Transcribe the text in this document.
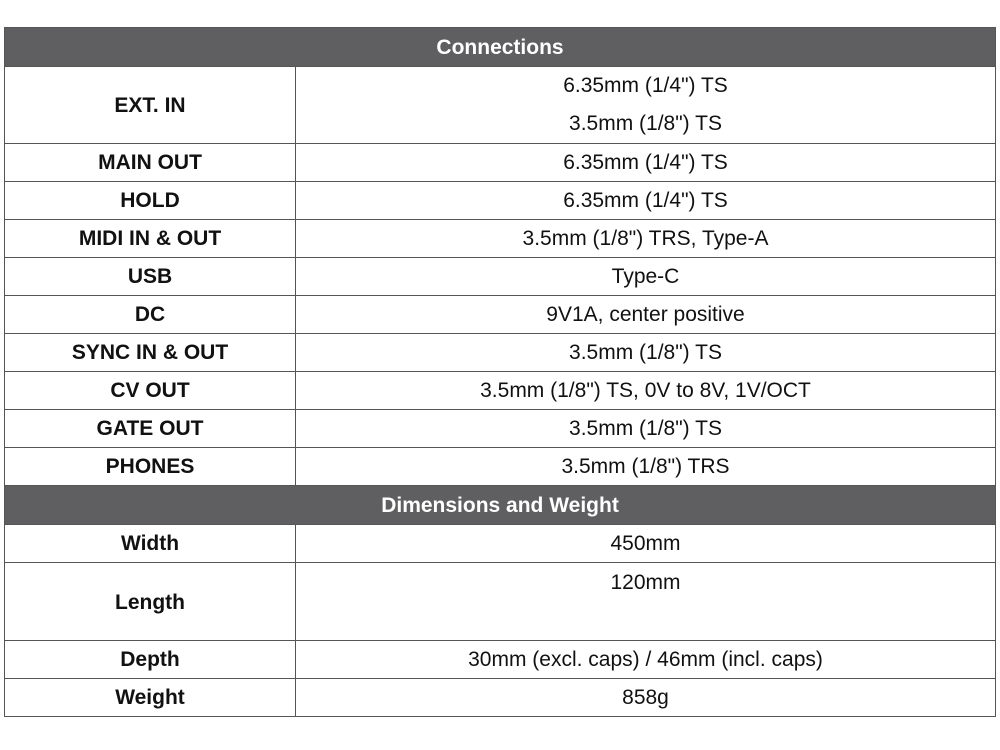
Connections	
EXT. IN	6.35mm (1/4") TS
3.5mm (1/8") TS

MAIN OUT	6.35mm (1/4") TS
HOLD	6.35mm (1/4") TS
MIDI IN & OUT	3.5mm (1/8") TRS, Type-A
USB	Type-C
DC	9V1A, center positive
SYNC IN & OUT	3.5mm (1/8") TS
CV OUT	3.5mm (1/8") TS, 0V to 8V, 1V/OCT
GATE OUT	3.5mm (1/8") TS
PHONES	3.5mm (1/8") TRS
Dimensions and Weight	
Width	450mm
Length	120mm
Depth	30mm (excl. caps) / 46mm (incl. caps)
Weight	858g
